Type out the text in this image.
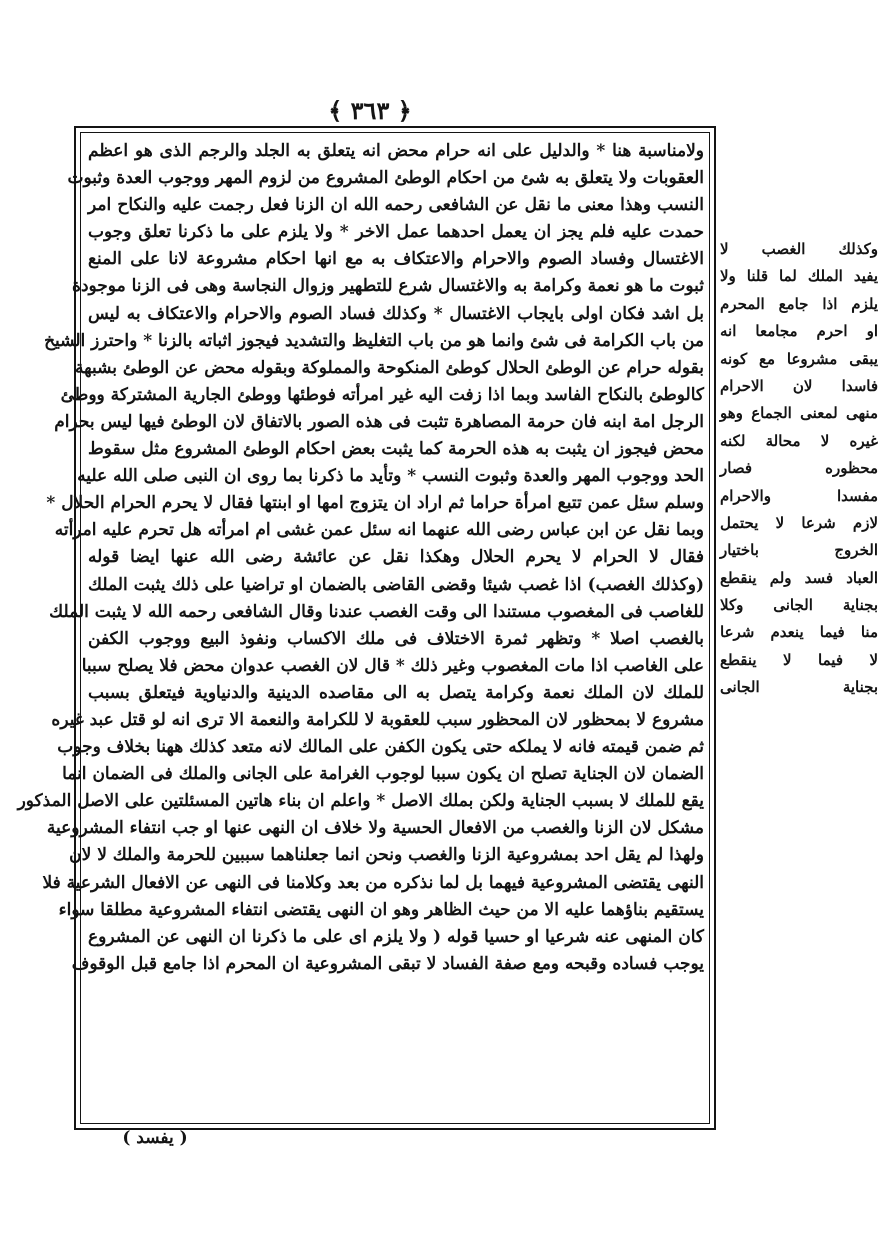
﴿ ٣٦٣ ﴾
ولامناسبة هنا * والدليل على انه حرام محض انه يتعلق به الجلد والرجم الذى هو اعظم
العقوبات ولا يتعلق به شئ من احكام الوطئ المشروع من لزوم المهر ووجوب العدة وثبوت
النسب وهذا معنى ما نقل عن الشافعى رحمه الله ان الزنا فعل رجمت عليه والنكاح امر
حمدت عليه فلم يجز ان يعمل احدهما عمل الاخر * ولا يلزم على ما ذكرنا تعلق وجوب
الاغتسال وفساد الصوم والاحرام والاعتكاف به مع انها احكام مشروعة لانا على المنع
ثبوت ما هو نعمة وكرامة به والاغتسال شرع للتطهير وزوال النجاسة وهى فى الزنا موجودة
بل اشد فكان اولى بايجاب الاغتسال * وكذلك فساد الصوم والاحرام والاعتكاف به ليس
من باب الكرامة فى شئ وانما هو من باب التغليظ والتشديد فيجوز اثباته بالزنا * واحترز الشيخ
بقوله حرام عن الوطئ الحلال كوطئ المنكوحة والمملوكة وبقوله محض عن الوطئ بشبهة
كالوطئ بالنكاح الفاسد وبما اذا زفت اليه غير امرأته فوطئها ووطئ الجارية المشتركة ووطئ
الرجل امة ابنه فان حرمة المصاهرة تثبت فى هذه الصور بالاتفاق لان الوطئ فيها ليس بحرام
محض فيجوز ان يثبت به هذه الحرمة كما يثبت بعض احكام الوطئ المشروع مثل سقوط
الحد ووجوب المهر والعدة وثبوت النسب * وتأيد ما ذكرنا بما روى ان النبى صلى الله عليه
وسلم سئل عمن تتبع امرأة حراما ثم اراد ان يتزوج امها او ابنتها فقال لا يحرم الحرام الحلال *
وبما نقل عن ابن عباس رضى الله عنهما انه سئل عمن غشى ام امرأته هل تحرم عليه امرأته
فقال لا الحرام لا يحرم الحلال وهكذا نقل عن عائشة رضى الله عنها ايضا قوله
(وكذلك الغصب) اذا غصب شيئا وقضى القاضى بالضمان او تراضيا على ذلك يثبت الملك
للغاصب فى المغصوب مستندا الى وقت الغصب عندنا وقال الشافعى رحمه الله لا يثبت الملك
بالغصب اصلا * وتظهر ثمرة الاختلاف فى ملك الاكساب ونفوذ البيع ووجوب الكفن
على الغاصب اذا مات المغصوب وغير ذلك * قال لان الغصب عدوان محض فلا يصلح سببا
للملك لان الملك نعمة وكرامة يتصل به الى مقاصده الدينية والدنياوية فيتعلق بسبب
مشروع لا بمحظور لان المحظور سبب للعقوبة لا للكرامة والنعمة الا ترى انه لو قتل عبد غيره
ثم ضمن قيمته فانه لا يملكه حتى يكون الكفن على المالك لانه متعد كذلك ههنا بخلاف وجوب
الضمان لان الجناية تصلح ان يكون سببا لوجوب الغرامة على الجانى والملك فى الضمان انما
يقع للملك لا بسبب الجناية ولكن بملك الاصل * واعلم ان بناء هاتين المسئلتين على الاصل المذكور
مشكل لان الزنا والغصب من الافعال الحسية ولا خلاف ان النهى عنها او جب انتفاء المشروعية
ولهذا لم يقل احد بمشروعية الزنا والغصب ونحن انما جعلناهما سببين للحرمة والملك لا لان
النهى يقتضى المشروعية فيهما بل لما نذكره من بعد وكلامنا فى النهى عن الافعال الشرعية فلا
يستقيم بناؤهما عليه الا من حيث الظاهر وهو ان النهى يقتضى انتفاء المشروعية مطلقا سواء
كان المنهى عنه شرعيا او حسيا قوله ( ولا يلزم اى على ما ذكرنا ان النهى عن المشروع
يوجب فساده وقبحه ومع صفة الفساد لا تبقى المشروعية ان المحرم اذا جامع قبل الوقوف
وكذلك الغصب لا
يفيد الملك لما قلنا ولا
يلزم اذا جامع المحرم
او احرم مجامعا انه
يبقى مشروعا مع كونه
فاسدا لان الاحرام
منهى لمعنى الجماع وهو
غيره لا محالة لكنه
محظوره فصار
مفسدا والاحرام
لازم شرعا لا يحتمل
الخروج باختيار
العباد فسد ولم ينقطع
بجناية الجانى وكلا
منا فيما ينعدم شرعا
لا فيما لا ينقطع
بجناية الجانى
( يفسد )
